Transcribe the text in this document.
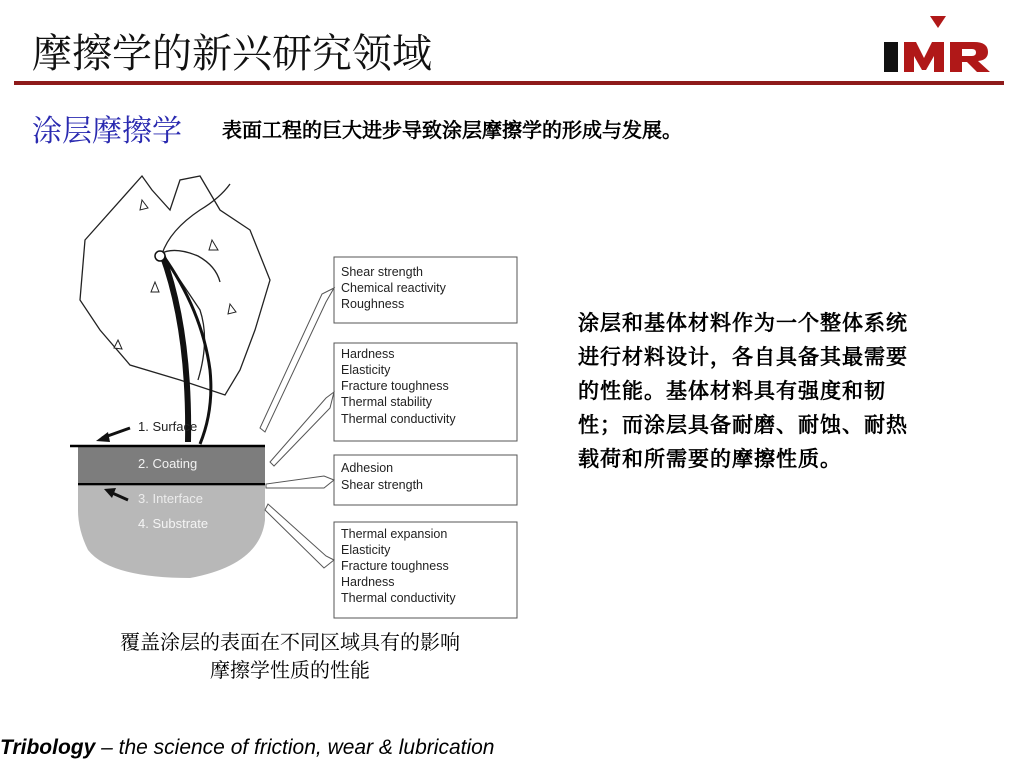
摩擦学的新兴研究领域
涂层摩擦学 表面工程的巨大进步导致涂层摩擦学的形成与发展。
1. Surface
2. Coating
3. Interface
4. Substrate
Shear strength
Chemical reactivity
Roughness
Hardness
Elasticity
Fracture toughness
Thermal stability
Thermal conductivity
Adhesion
Shear strength
Thermal expansion
Elasticity
Fracture toughness
Hardness
Thermal conductivity
覆盖涂层的表面在不同区域具有的影响
摩擦学性质的性能
涂层和基体材料作为一个整体系统进行材料设计，各自具备其最需要的性能。基体材料具有强度和韧性；而涂层具备耐磨、耐蚀、耐热载荷和所需要的摩擦性质。
Tribology – the science of friction, wear & lubrication
